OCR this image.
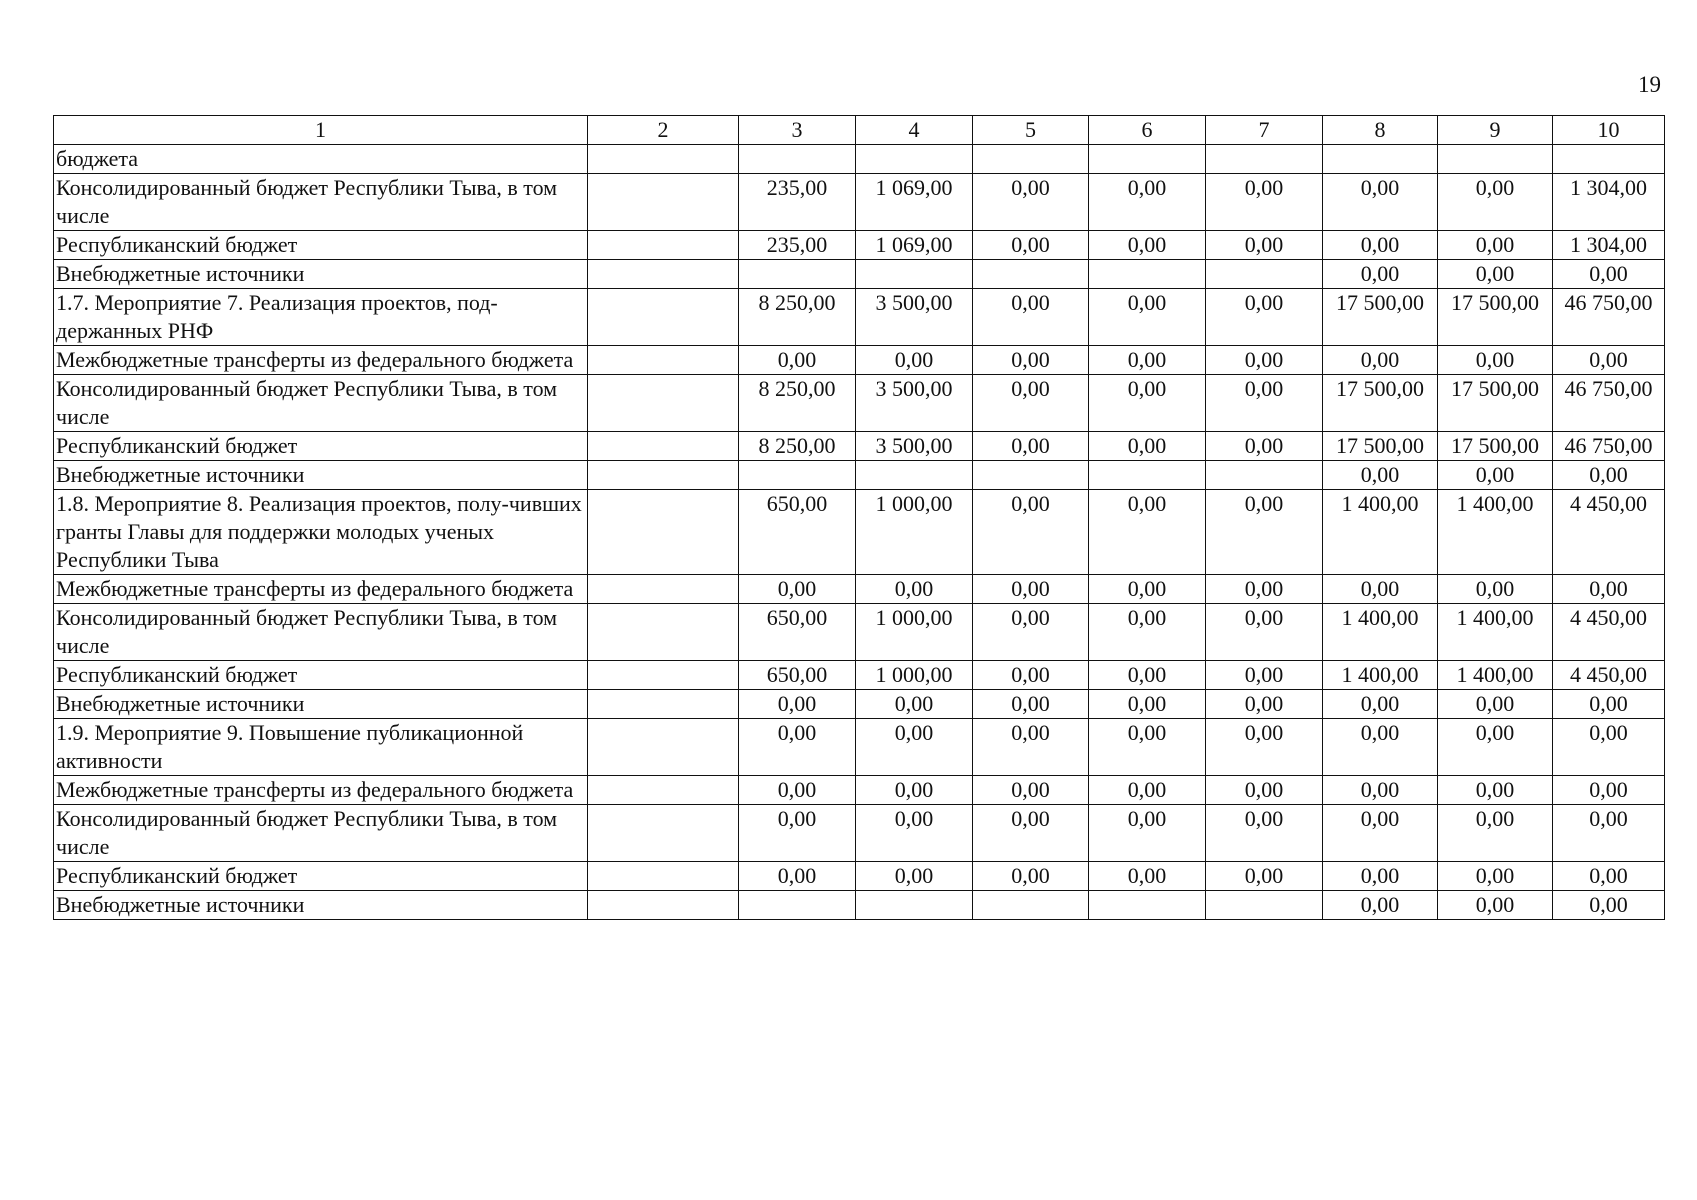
19
1	2	3	4	5	6	7	8	9	10
бюджета									
Консолидированный бюджет Республики Тыва, в том числе		235,00	1 069,00	0,00	0,00	0,00	0,00	0,00	1 304,00
Республиканский бюджет		235,00	1 069,00	0,00	0,00	0,00	0,00	0,00	1 304,00
Внебюджетные источники							0,00	0,00	0,00
1.7. Мероприятие 7. Реализация проектов, под-держанных РНФ		8 250,00	3 500,00	0,00	0,00	0,00	17 500,00	17 500,00	46 750,00
Межбюджетные трансферты из федерального бюджета		0,00	0,00	0,00	0,00	0,00	0,00	0,00	0,00
Консолидированный бюджет Республики Тыва, в том числе		8 250,00	3 500,00	0,00	0,00	0,00	17 500,00	17 500,00	46 750,00
Республиканский бюджет		8 250,00	3 500,00	0,00	0,00	0,00	17 500,00	17 500,00	46 750,00
Внебюджетные источники							0,00	0,00	0,00
1.8. Мероприятие 8. Реализация проектов, полу-чивших гранты Главы для поддержки молодых ученых Республики Тыва		650,00	1 000,00	0,00	0,00	0,00	1 400,00	1 400,00	4 450,00
Межбюджетные трансферты из федерального бюджета		0,00	0,00	0,00	0,00	0,00	0,00	0,00	0,00
Консолидированный бюджет Республики Тыва, в том числе		650,00	1 000,00	0,00	0,00	0,00	1 400,00	1 400,00	4 450,00
Республиканский бюджет		650,00	1 000,00	0,00	0,00	0,00	1 400,00	1 400,00	4 450,00
Внебюджетные источники		0,00	0,00	0,00	0,00	0,00	0,00	0,00	0,00
1.9. Мероприятие 9. Повышение публикационной активности		0,00	0,00	0,00	0,00	0,00	0,00	0,00	0,00
Межбюджетные трансферты из федерального бюджета		0,00	0,00	0,00	0,00	0,00	0,00	0,00	0,00
Консолидированный бюджет Республики Тыва, в том числе		0,00	0,00	0,00	0,00	0,00	0,00	0,00	0,00
Республиканский бюджет		0,00	0,00	0,00	0,00	0,00	0,00	0,00	0,00
Внебюджетные источники							0,00	0,00	0,00
